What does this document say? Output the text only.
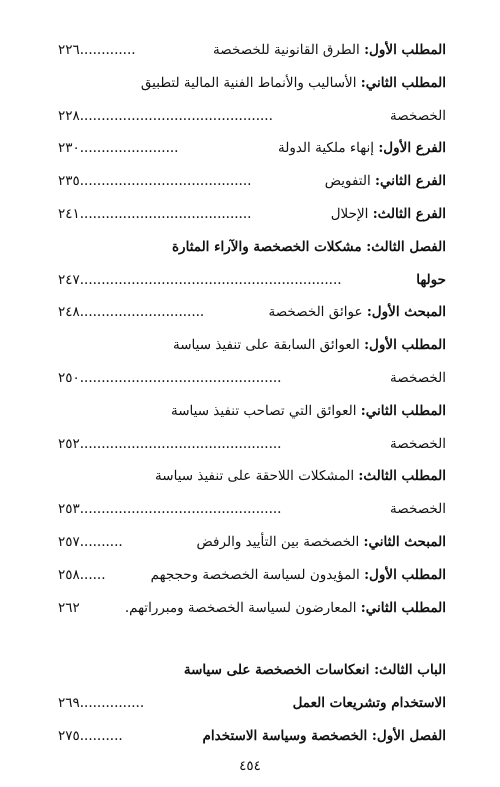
المطلب الأول: الطرق القانونية للخصخصة
.............
٢٢٦
المطلب الثاني: الأساليب والأنماط الفنية المالية لتطبيق
الخصخصة
.............................................
٢٢٨
الفرع الأول: إنهاء ملكية الدولة
.......................
٢٣٠
الفرع الثاني: التفويض
........................................
٢٣٥
الفرع الثالث: الإحلال
........................................
٢٤١
الفصل الثالث: مشكلات الخصخصة والآراء المثارة
حولها
.............................................................
٢٤٧
المبحث الأول: عوائق الخصخصة
.............................
٢٤٨
المطلب الأول: العوائق السابقة على تنفيذ سياسة
الخصخصة
...............................................
٢٥٠
المطلب الثاني: العوائق التي تصاحب تنفيذ سياسة
الخصخصة
...............................................
٢٥٢
المطلب الثالث: المشكلات اللاحقة على تنفيذ سياسة
الخصخصة
...............................................
٢٥٣
المبحث الثاني: الخصخصة بين التأييد والرفض
..........
٢٥٧
المطلب الأول: المؤيدون لسياسة الخصخصة وحججهم
......
٢٥٨
المطلب الثاني: المعارضون لسياسة الخصخصة ومبرراتهم.
٢٦٢
الباب الثالث: انعكاسات الخصخصة على سياسة
الاستخدام وتشريعات العمل
...............
٢٦٩
الفصل الأول: الخصخصة وسياسة الاستخدام
..........
٢٧٥
٤٥٤
